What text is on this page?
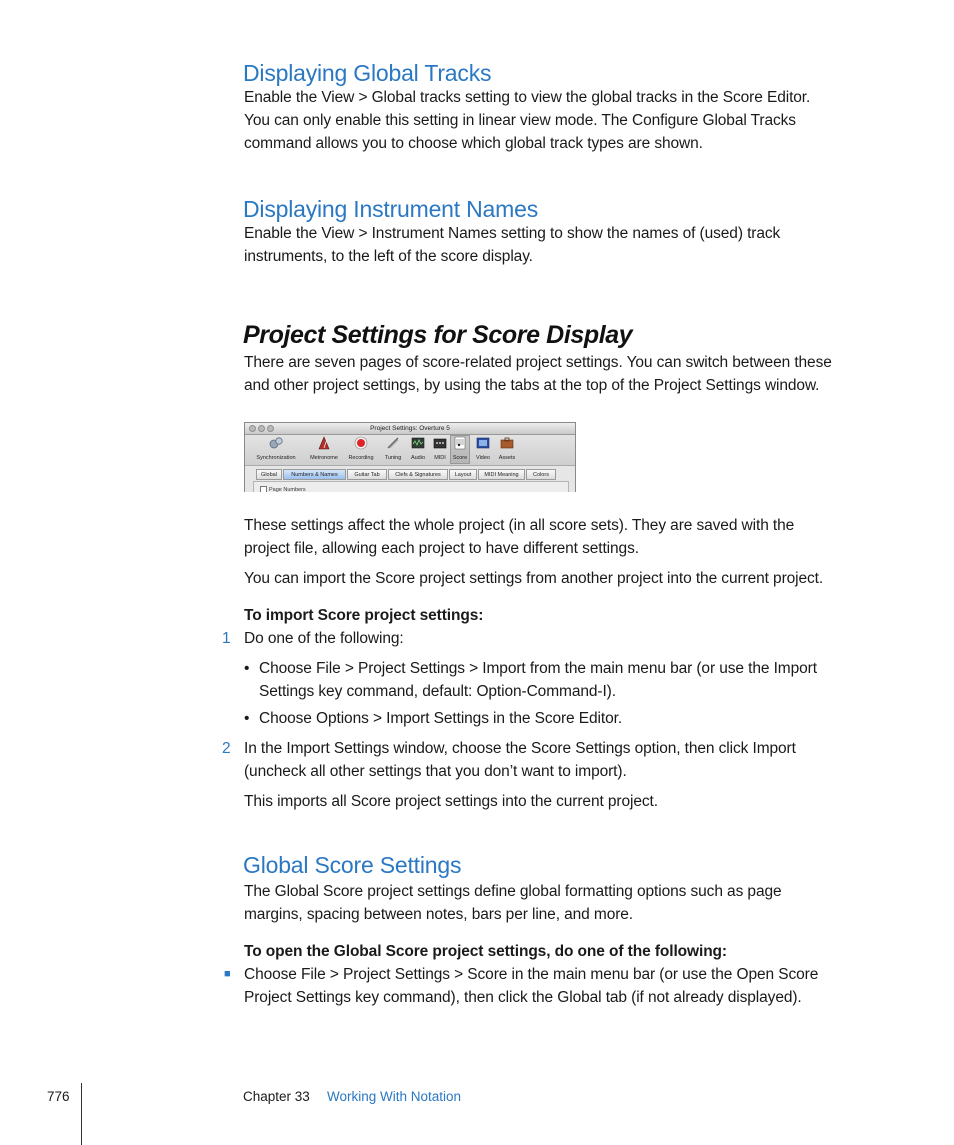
Displaying Global Tracks
Enable the View > Global tracks setting to view the global tracks in the Score Editor.
You can only enable this setting in linear view mode. The Configure Global Tracks
command allows you to choose which global track types are shown.
Displaying Instrument Names
Enable the View > Instrument Names setting to show the names of (used) track
instruments, to the left of the score display.
Project Settings for Score Display
There are seven pages of score-related project settings. You can switch between these
and other project settings, by using the tabs at the top of the Project Settings window.
Project Settings: Overture 5
Synchronization	Metronome	Recording	Tuning	Audio	MIDI	Score	Video	Assets
Global	Numbers & Names	Guitar Tab	Clefs & Signatures	Layout	MIDI Meaning	Colors
Page Numbers
These settings affect the whole project (in all score sets). They are saved with the
project file, allowing each project to have different settings.
You can import the Score project settings from another project into the current project.
To import Score project settings:
1 Do one of the following:
• Choose File > Project Settings > Import from the main menu bar (or use the Import
Settings key command, default: Option-Command-I).
• Choose Options > Import Settings in the Score Editor.
2 In the Import Settings window, choose the Score Settings option, then click Import
(uncheck all other settings that you don’t want to import).
This imports all Score project settings into the current project.
Global Score Settings
The Global Score project settings define global formatting options such as page
margins, spacing between notes, bars per line, and more.
To open the Global Score project settings, do one of the following:
■ Choose File > Project Settings > Score in the main menu bar (or use the Open Score
Project Settings key command), then click the Global tab (if not already displayed).
776	Chapter 33 Working With Notation
